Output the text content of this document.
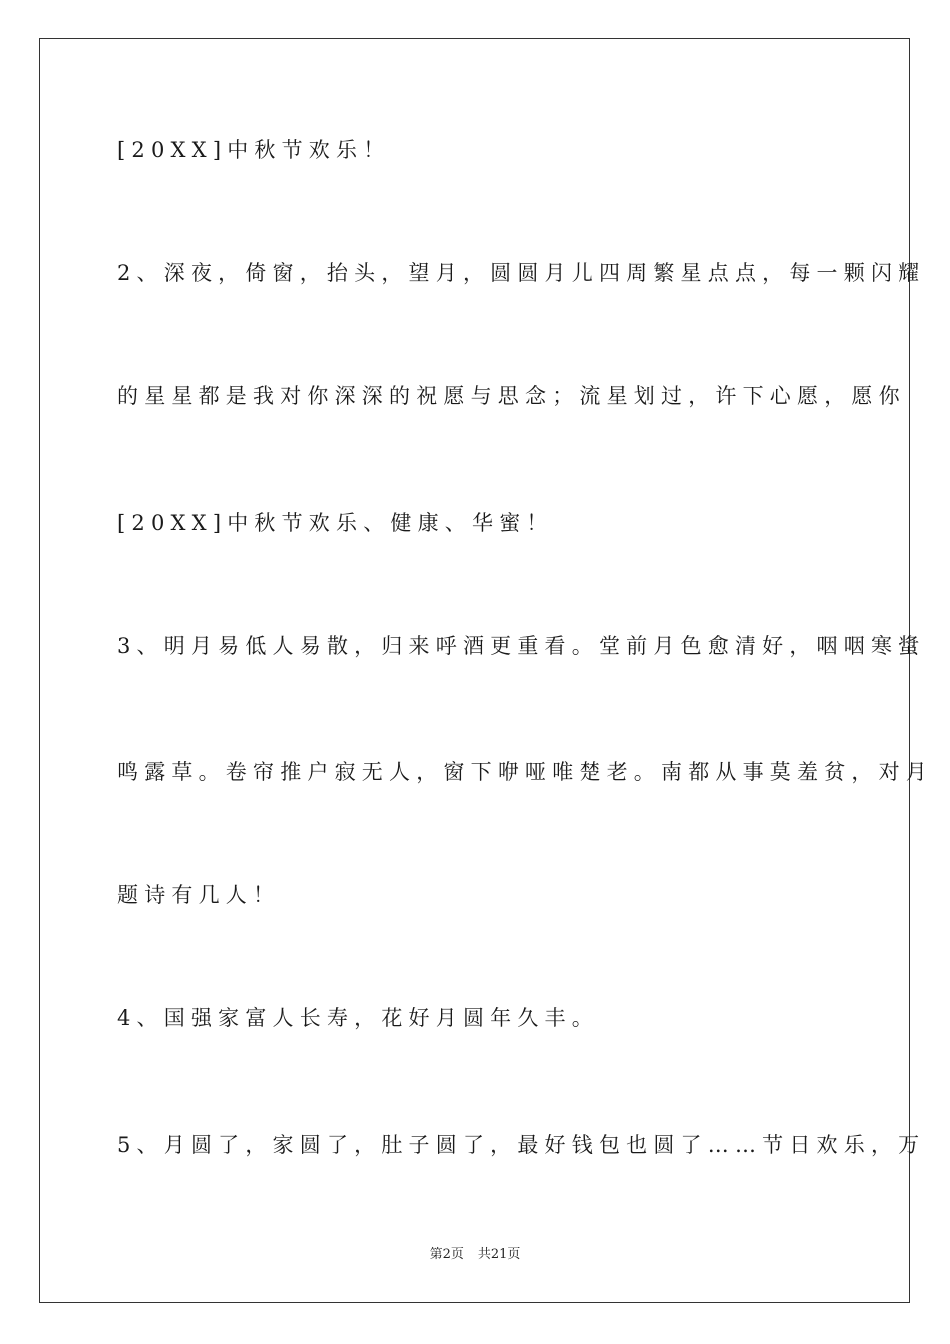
[20XX]中秋节欢乐！
2、深夜，倚窗，抬头，望月，圆圆月儿四周繁星点点，每一颗闪耀
的星星都是我对你深深的祝愿与思念；流星划过，许下心愿，愿你
[20XX]中秋节欢乐、健康、华蜜！
3、明月易低人易散，归来呼酒更重看。堂前月色愈清好，咽咽寒螀
鸣露草。卷帘推户寂无人，窗下咿哑唯楚老。南都从事莫羞贫，对月
题诗有几人！
4、国强家富人长寿，花好月圆年久丰。
5、月圆了，家圆了，肚子圆了，最好钱包也圆了……节日欢乐，万
第2页 共21页
